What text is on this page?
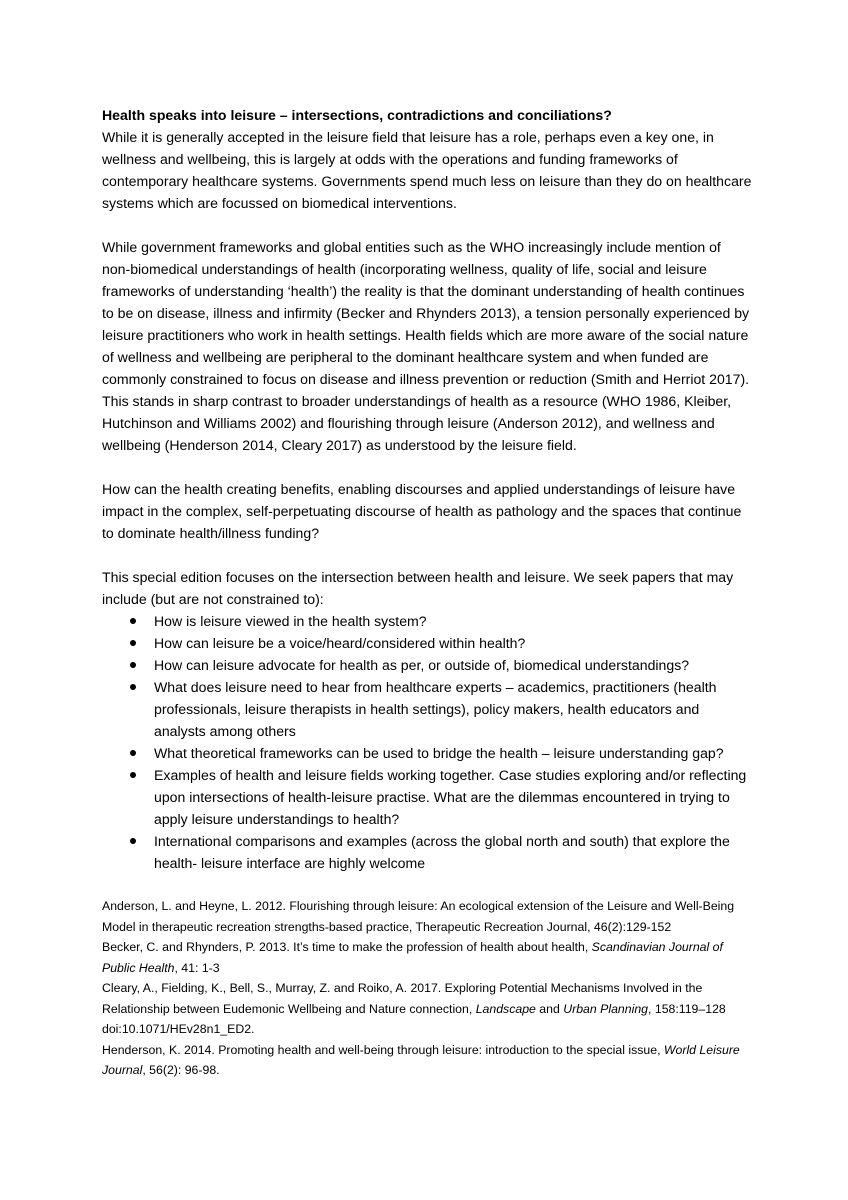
Health speaks into leisure – intersections, contradictions and conciliations?

While it is generally accepted in the leisure field that leisure has a role, perhaps even a key one, in wellness and wellbeing, this is largely at odds with the operations and funding frameworks of contemporary healthcare systems. Governments spend much less on leisure than they do on healthcare systems which are focussed on biomedical interventions.

While government frameworks and global entities such as the WHO increasingly include mention of non-biomedical understandings of health (incorporating wellness, quality of life, social and leisure frameworks of understanding ‘health’) the reality is that the dominant understanding of health continues to be on disease, illness and infirmity (Becker and Rhynders 2013), a tension personally experienced by leisure practitioners who work in health settings. Health fields which are more aware of the social nature of wellness and wellbeing are peripheral to the dominant healthcare system and when funded are commonly constrained to focus on disease and illness prevention or reduction (Smith and Herriot 2017). This stands in sharp contrast to broader understandings of health as a resource (WHO 1986, Kleiber, Hutchinson and Williams 2002) and flourishing through leisure (Anderson 2012), and wellness and wellbeing (Henderson 2014, Cleary 2017) as understood by the leisure field.

How can the health creating benefits, enabling discourses and applied understandings of leisure have impact in the complex, self-perpetuating discourse of health as pathology and the spaces that continue to dominate health/illness funding?

This special edition focuses on the intersection between health and leisure. We seek papers that may include (but are not constrained to):

How is leisure viewed in the health system?
How can leisure be a voice/heard/considered within health?
How can leisure advocate for health as per, or outside of, biomedical understandings?
What does leisure need to hear from healthcare experts – academics, practitioners (health professionals, leisure therapists in health settings), policy makers, health educators and analysts among others
What theoretical frameworks can be used to bridge the health – leisure understanding gap?
Examples of health and leisure fields working together. Case studies exploring and/or reflecting upon intersections of health-leisure practise. What are the dilemmas encountered in trying to apply leisure understandings to health?
International comparisons and examples (across the global north and south) that explore the health- leisure interface are highly welcome

Anderson, L. and Heyne, L. 2012. Flourishing through leisure: An ecological extension of the Leisure and Well-Being Model in therapeutic recreation strengths-based practice, Therapeutic Recreation Journal, 46(2):129-152

Becker, C. and Rhynders, P. 2013. It’s time to make the profession of health about health, Scandinavian Journal of Public Health, 41: 1-3

Cleary, A., Fielding, K., Bell, S., Murray, Z. and Roiko, A. 2017. Exploring Potential Mechanisms Involved in the Relationship between Eudemonic Wellbeing and Nature connection, Landscape and Urban Planning, 158:119–128 doi:10.1071/HEv28n1_ED2.

Henderson, K. 2014. Promoting health and well-being through leisure: introduction to the special issue, World Leisure Journal, 56(2): 96-98.
